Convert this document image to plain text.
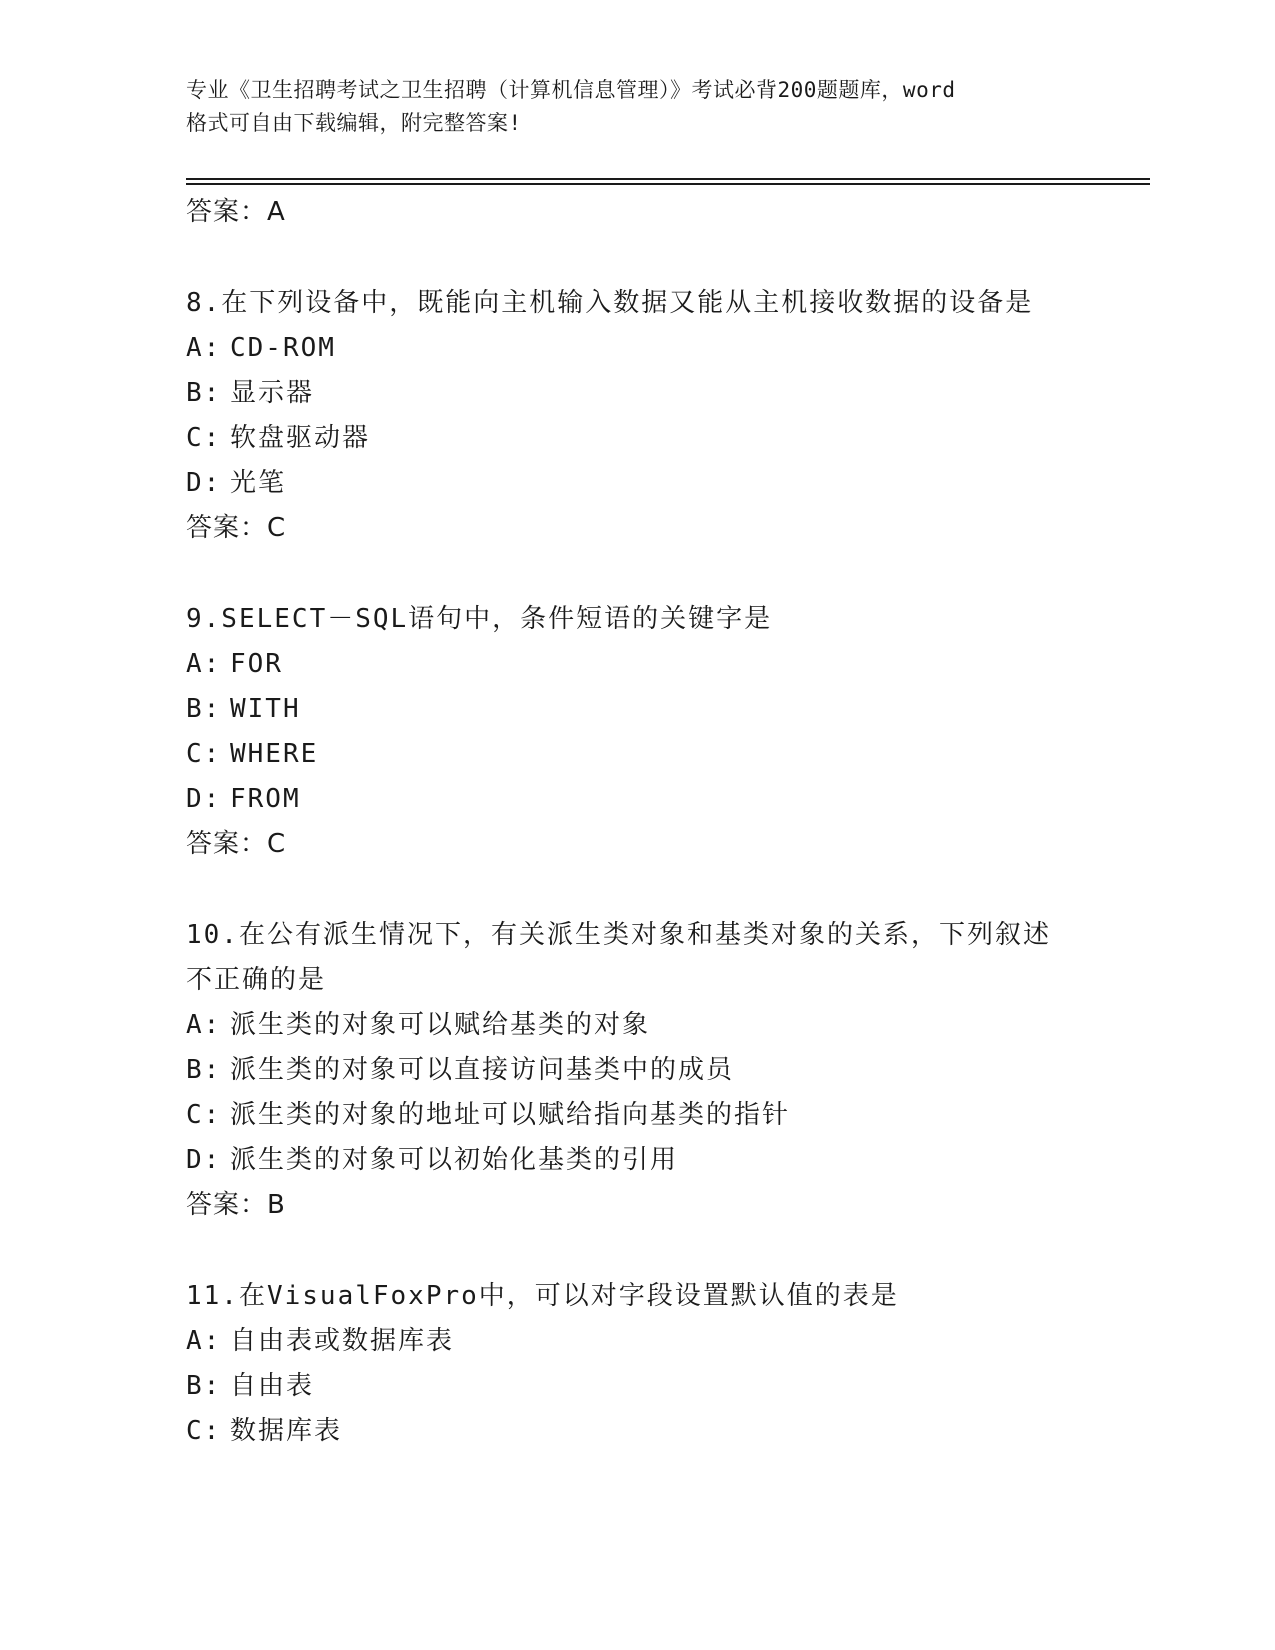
专业《卫生招聘考试之卫生招聘（计算机信息管理）》考试必背200题题库，word
格式可自由下载编辑，附完整答案!
答案：A
8.在下列设备中，既能向主机输入数据又能从主机接收数据的设备是
A: CD-ROM
B: 显示器
C: 软盘驱动器
D: 光笔
答案：C
9.SELECT－SQL语句中，条件短语的关键字是
A: FOR
B: WITH
C: WHERE
D: FROM
答案：C
10.在公有派生情况下，有关派生类对象和基类对象的关系，下列叙述
不正确的是
A: 派生类的对象可以赋给基类的对象
B: 派生类的对象可以直接访问基类中的成员
C: 派生类的对象的地址可以赋给指向基类的指针
D: 派生类的对象可以初始化基类的引用
答案：B
11.在VisualFoxPro中，可以对字段设置默认值的表是
A: 自由表或数据库表
B: 自由表
C: 数据库表
